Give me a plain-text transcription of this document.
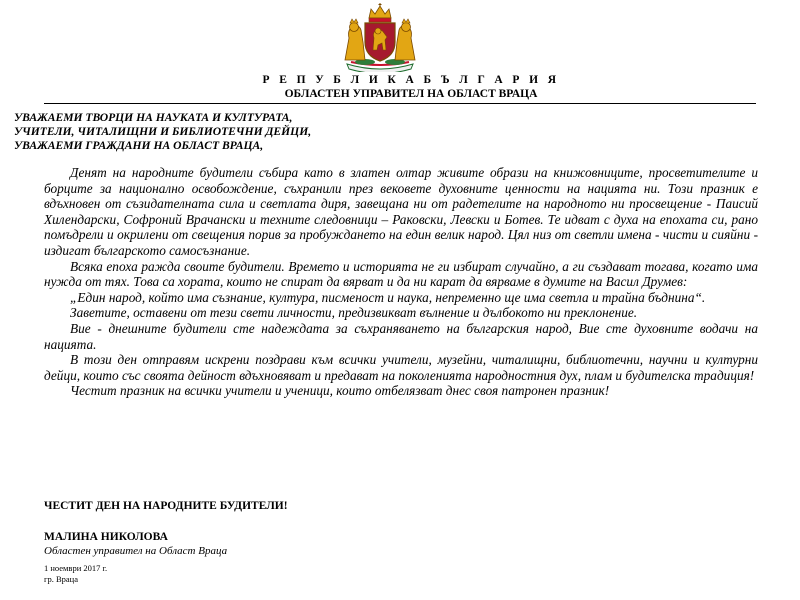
Р Е П У Б Л И К А Б Ъ Л Г А Р И Я
ОБЛАСТЕН УПРАВИТЕЛ НА ОБЛАСТ ВРАЦА
УВАЖАЕМИ ТВОРЦИ НА НАУКАТА И КУЛТУРАТА,
УЧИТЕЛИ, ЧИТАЛИЩНИ И БИБЛИОТЕЧНИ ДЕЙЦИ,
УВАЖАЕМИ ГРАЖДАНИ НА ОБЛАСТ ВРАЦА,

Денят на народните будители събира като в златен олтар живите образи на книжовниците, просветителите и борците за национално освобождение, съхранили през вековете духовните ценности на нацията ни. Този празник е вдъхновен от съзидателната сила и светлата диря, завещана ни от радетелите на народното ни просвещение - Паисий Хилендарски, Софроний Врачански и техните следовници – Раковски, Левски и Ботев. Те идват с духа на епохата си, рано помъдрели и окрилени от свещения порив за пробуждането на един велик народ. Цял низ от светли имена - чисти и сияйни - издигат българското самосъзнание.

Всяка епоха ражда своите будители. Времето и историята не ги избират случайно, а ги създават тогава, когато има нужда от тях. Това са хората, които не спират да вярват и да ни карат да вярваме в думите на Васил Друмев:

„Един народ, който има съзнание, култура, писменост и наука, непременно ще има светла и трайна бъднина“.

Заветите, оставени от тези свети личности, предизвикват вълнение и дълбокото ни преклонение.

Вие - днешните будители сте надеждата за съхраняването на българския народ, Вие сте духовните водачи на нацията.

В този ден отправям искрени поздрави към всички учители, музейни, читалищни, библиотечни, научни и културни дейци, които със своята дейност вдъхновяват и предават на поколенията народностния дух, плам и будителска традиция!

Честит празник на всички учители и ученици, които отбелязват днес своя патронен празник!

ЧЕСТИТ ДЕН НА НАРОДНИТЕ БУДИТЕЛИ!
МАЛИНА НИКОЛОВА
Областен управител на Област Враца
1 ноември 2017 г.
гр. Враца
